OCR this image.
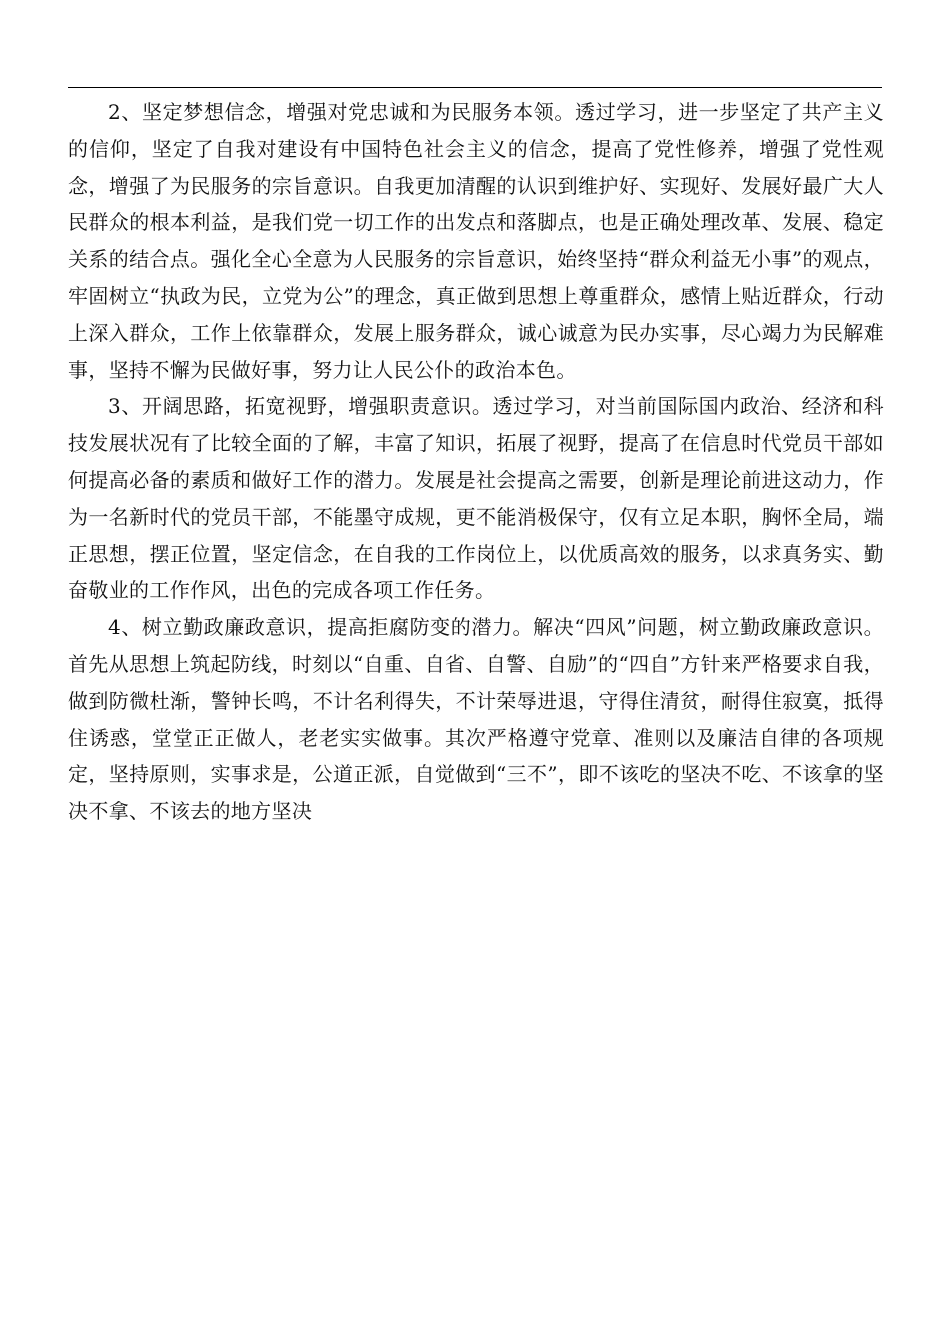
2、坚定梦想信念，增强对党忠诚和为民服务本领。透过学习，进一步坚定了共产主义的信仰，坚定了自我对建设有中国特色社会主义的信念，提高了党性修养，增强了党性观念，增强了为民服务的宗旨意识。自我更加清醒的认识到维护好、实现好、发展好最广大人民群众的根本利益，是我们党一切工作的出发点和落脚点，也是正确处理改革、发展、稳定关系的结合点。强化全心全意为人民服务的宗旨意识，始终坚持“群众利益无小事”的观点，牢固树立“执政为民，立党为公”的理念，真正做到思想上尊重群众，感情上贴近群众，行动上深入群众，工作上依靠群众，发展上服务群众，诚心诚意为民办实事，尽心竭力为民解难事，坚持不懈为民做好事，努力让人民公仆的政治本色。

3、开阔思路，拓宽视野，增强职责意识。透过学习，对当前国际国内政治、经济和科技发展状况有了比较全面的了解，丰富了知识，拓展了视野，提高了在信息时代党员干部如何提高必备的素质和做好工作的潜力。发展是社会提高之需要，创新是理论前进这动力，作为一名新时代的党员干部，不能墨守成规，更不能消极保守，仅有立足本职，胸怀全局，端正思想，摆正位置，坚定信念，在自我的工作岗位上，以优质高效的服务，以求真务实、勤奋敬业的工作作风，出色的完成各项工作任务。

4、树立勤政廉政意识，提高拒腐防变的潜力。解决“四风”问题，树立勤政廉政意识。首先从思想上筑起防线，时刻以“自重、自省、自警、自励”的“四自”方针来严格要求自我，做到防微杜渐，警钟长鸣，不计名利得失，不计荣辱进退，守得住清贫，耐得住寂寞，抵得住诱惑，堂堂正正做人，老老实实做事。其次严格遵守党章、准则以及廉洁自律的各项规定，坚持原则，实事求是，公道正派，自觉做到“三不”，即不该吃的坚决不吃、不该拿的坚决不拿、不该去的地方坚决
